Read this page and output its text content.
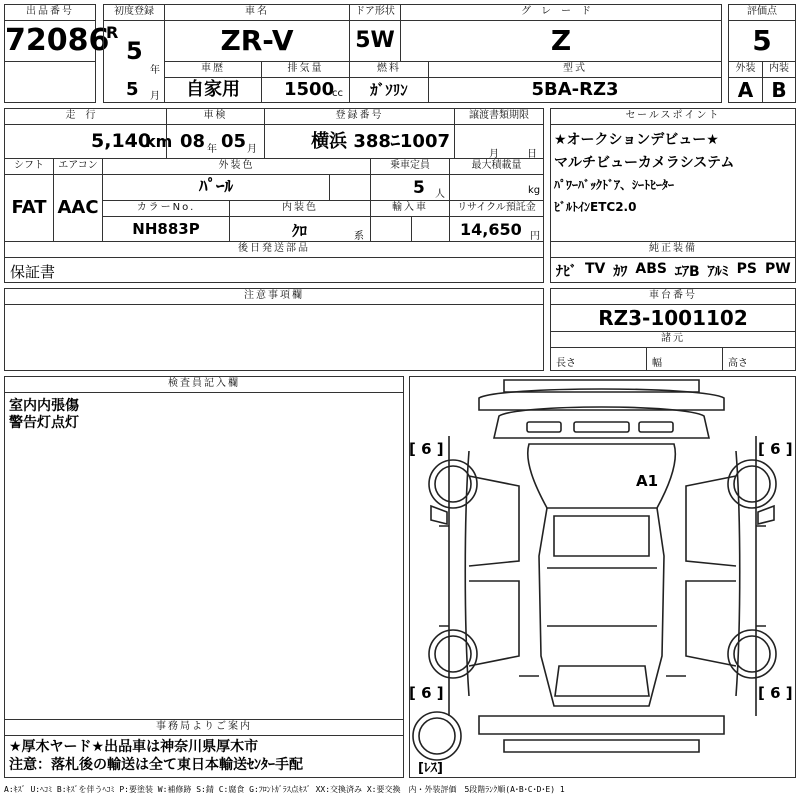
出品番号
72086
初度登録
R
5
年
5 月
車名
ZR-V
ドア形状
5W
グレード
Z
評価点
5
車歴
自家用
排気量
1500
cc
燃料
ｶﾞｿﾘﾝ
型式
5BA-RZ3
外装	内装
A B
走行
5,140
km
車検
08 年 05 月
登録番号
横浜 388ﾆ1007
譲渡書類期限
月	日
シフト	エアコン
FAT AAC
外装色
ﾊﾟｰﾙ
乗車定員
5 人
最大積載量
kg
カラーNo.
NH883P
内装色
ｸﾛ	系
輸入車	リサイクル預託金
14,650 円
後日発送部品
保証書
セールスポイント
★オークションデビュー★
マルチビューカメラシステム
ﾊﾟﾜｰﾊﾞｯｸﾄﾞｱ、ｼｰﾄﾋｰﾀｰ
ﾋﾞﾙﾄｲﾝETC2.0
純正装備
ﾅﾋﾞ TV ｶﾜ ABS ｴｱB ｱﾙﾐ PS PW
注意事項欄	車台番号
RZ3-1001102
諸元
長さ	幅	高さ
検査員記入欄
室内内張傷
警告灯点灯
事務局よりご案内
★厚木ヤード★出品車は神奈川県厚木市
注意：落札後の輸送は全て東日本輸送ｾﾝﾀｰ手配
[ 6 ]	[ 6 ]
[ 6 ]	[ 6 ]
[ﾚｽ]
A1
A:ｷｽﾞ U:ﾍｺﾐ B:ｷｽﾞを伴うﾍｺﾐ P:要塗装 W:補修跡 S:錆 C:腐食 G:ﾌﾛﾝﾄｶﾞﾗｽ点ｷｽﾞ XX:交換済み X:要交換　内・外装評価　5段階ﾗﾝｸ順(A･B･C･D･E) 1
